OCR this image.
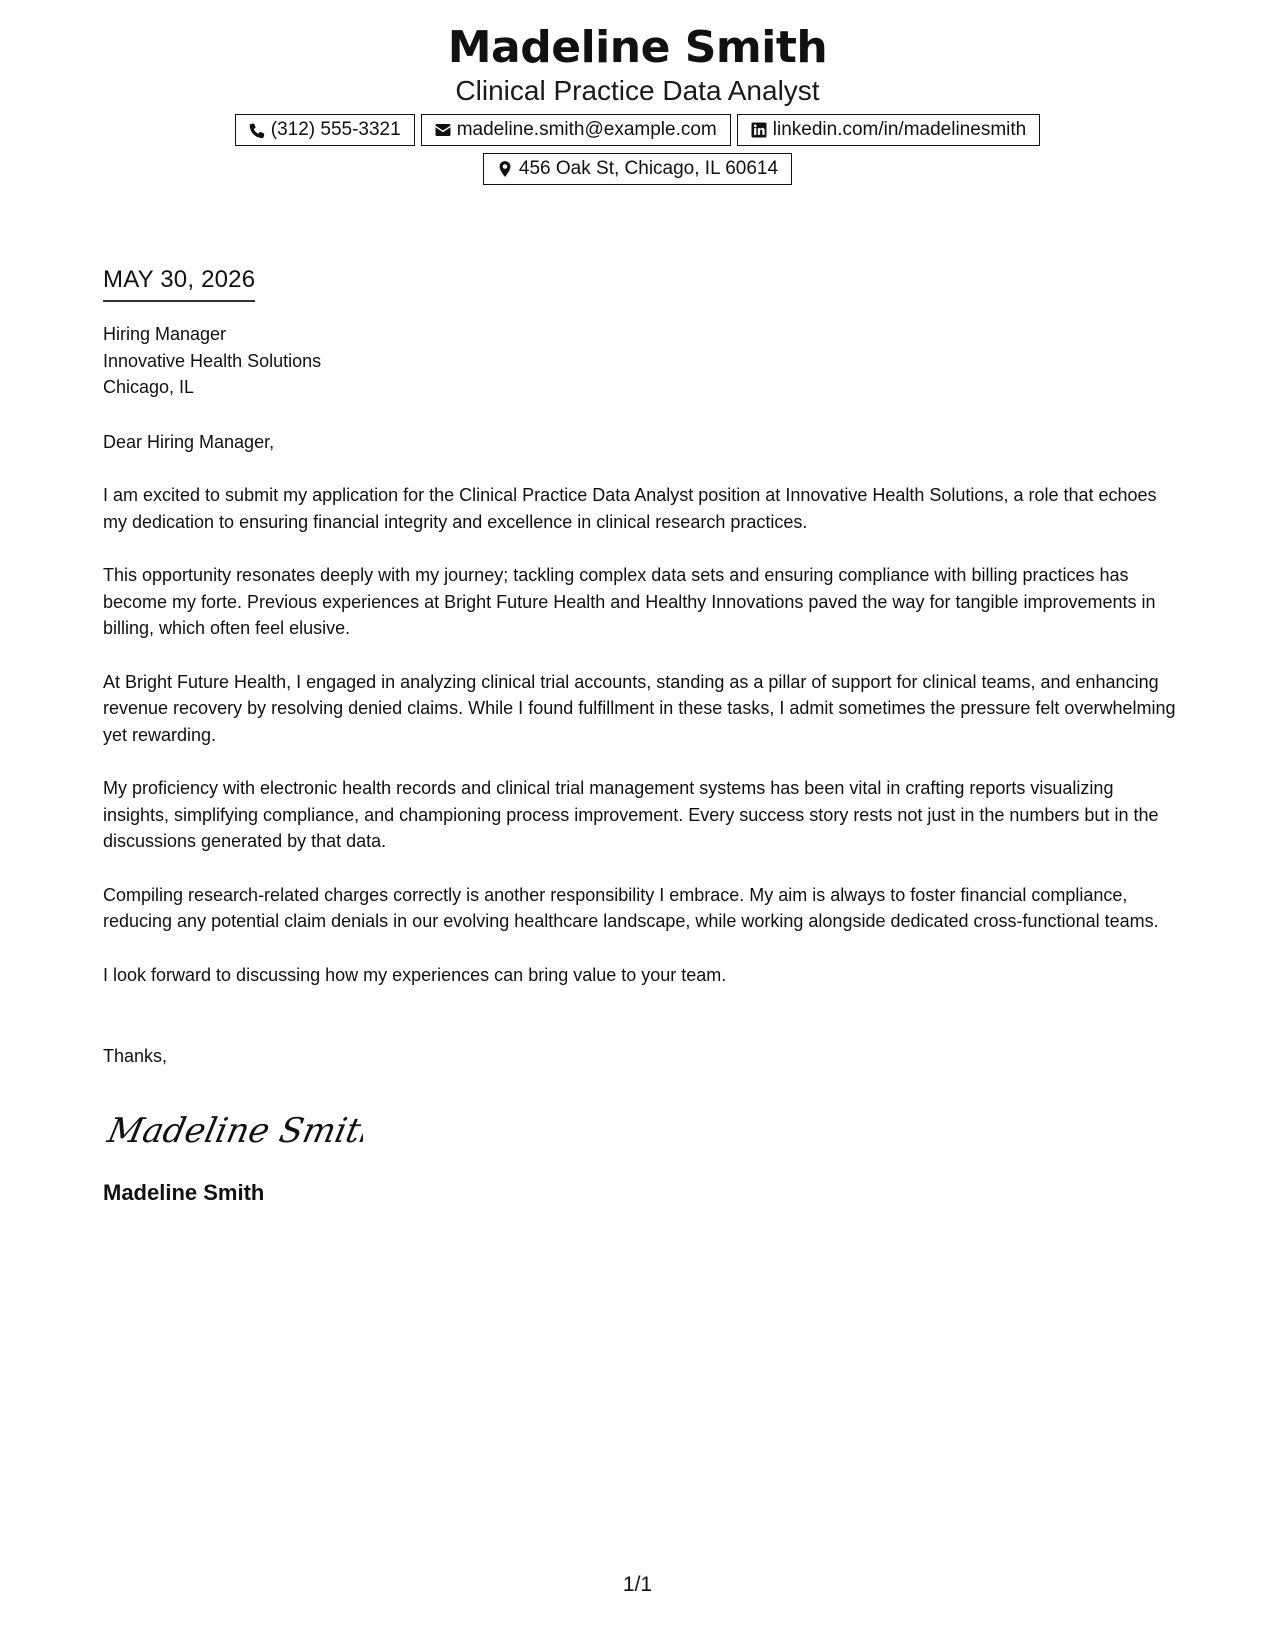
Madeline Smith
Clinical Practice Data Analyst
(312) 555-3321	madeline.smith@example.com	linkedin.com/in/madelinesmith
456 Oak St, Chicago, IL 60614
MAY 30, 2026
Hiring Manager
Innovative Health Solutions
Chicago, IL
Dear Hiring Manager,

I am excited to submit my application for the Clinical Practice Data Analyst position at Innovative Health Solutions, a role that echoes my dedication to ensuring financial integrity and excellence in clinical research practices.

This opportunity resonates deeply with my journey; tackling complex data sets and ensuring compliance with billing practices has become my forte. Previous experiences at Bright Future Health and Healthy Innovations paved the way for tangible improvements in billing, which often feel elusive.

At Bright Future Health, I engaged in analyzing clinical trial accounts, standing as a pillar of support for clinical teams, and enhancing revenue recovery by resolving denied claims. While I found fulfillment in these tasks, I admit sometimes the pressure felt overwhelming yet rewarding.

My proficiency with electronic health records and clinical trial management systems has been vital in crafting reports visualizing insights, simplifying compliance, and championing process improvement. Every success story rests not just in the numbers but in the discussions generated by that data.

Compiling research-related charges correctly is another responsibility I embrace. My aim is always to foster financial compliance, reducing any potential claim denials in our evolving healthcare landscape, while working alongside dedicated cross-functional teams.

I look forward to discussing how my experiences can bring value to your team.

Thanks,
Madeline Smith
Madeline Smith
1/1
